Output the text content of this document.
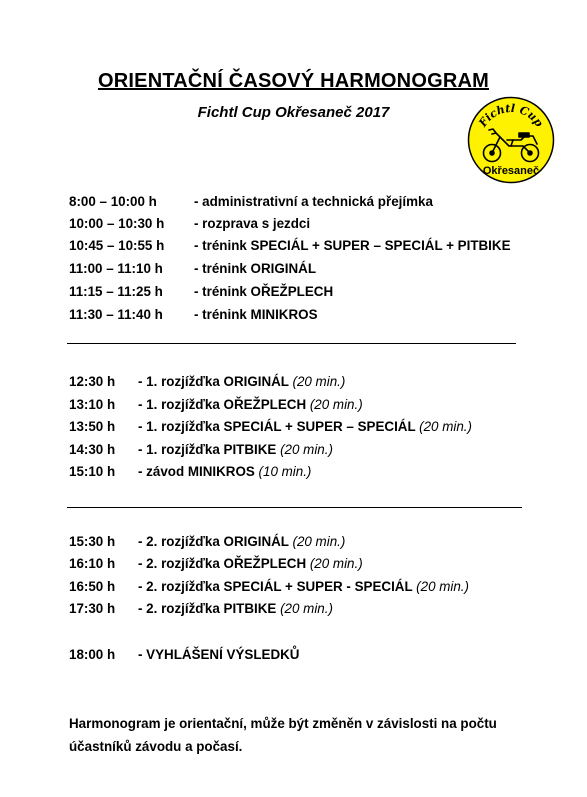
ORIENTAČNÍ ČASOVÝ HARMONOGRAM
Fichtl Cup Okřesaneč 2017
Fichtl Cup
Okřesaneč
8:00 – 10:00 h	- administrativní a technická přejímka
10:00 – 10:30 h - rozprava s jezdci
10:45 – 10:55 h - trénink SPECIÁL + SUPER – SPECIÁL + PITBIKE
11:00 – 11:10 h - trénink ORIGINÁL
11:15 – 11:25 h - trénink OŘEŽPLECH
11:30 – 11:40 h - trénink MINIKROS
12:30 h - 1. rozjížďka ORIGINÁL (20 min.)
13:10 h - 1. rozjížďka OŘEŽPLECH (20 min.)
13:50 h - 1. rozjížďka SPECIÁL + SUPER – SPECIÁL (20 min.)
14:30 h - 1. rozjížďka PITBIKE (20 min.)
15:10 h - závod MINIKROS (10 min.)
15:30 h - 2. rozjížďka ORIGINÁL (20 min.)
16:10 h - 2. rozjížďka OŘEŽPLECH (20 min.)
16:50 h - 2. rozjížďka SPECIÁL + SUPER - SPECIÁL (20 min.)
17:30 h - 2. rozjížďka PITBIKE (20 min.)
18:00 h - VYHLÁŠENÍ VÝSLEDKŮ
Harmonogram je orientační, může být změněn v závislosti na počtu účastníků závodu a počasí.
